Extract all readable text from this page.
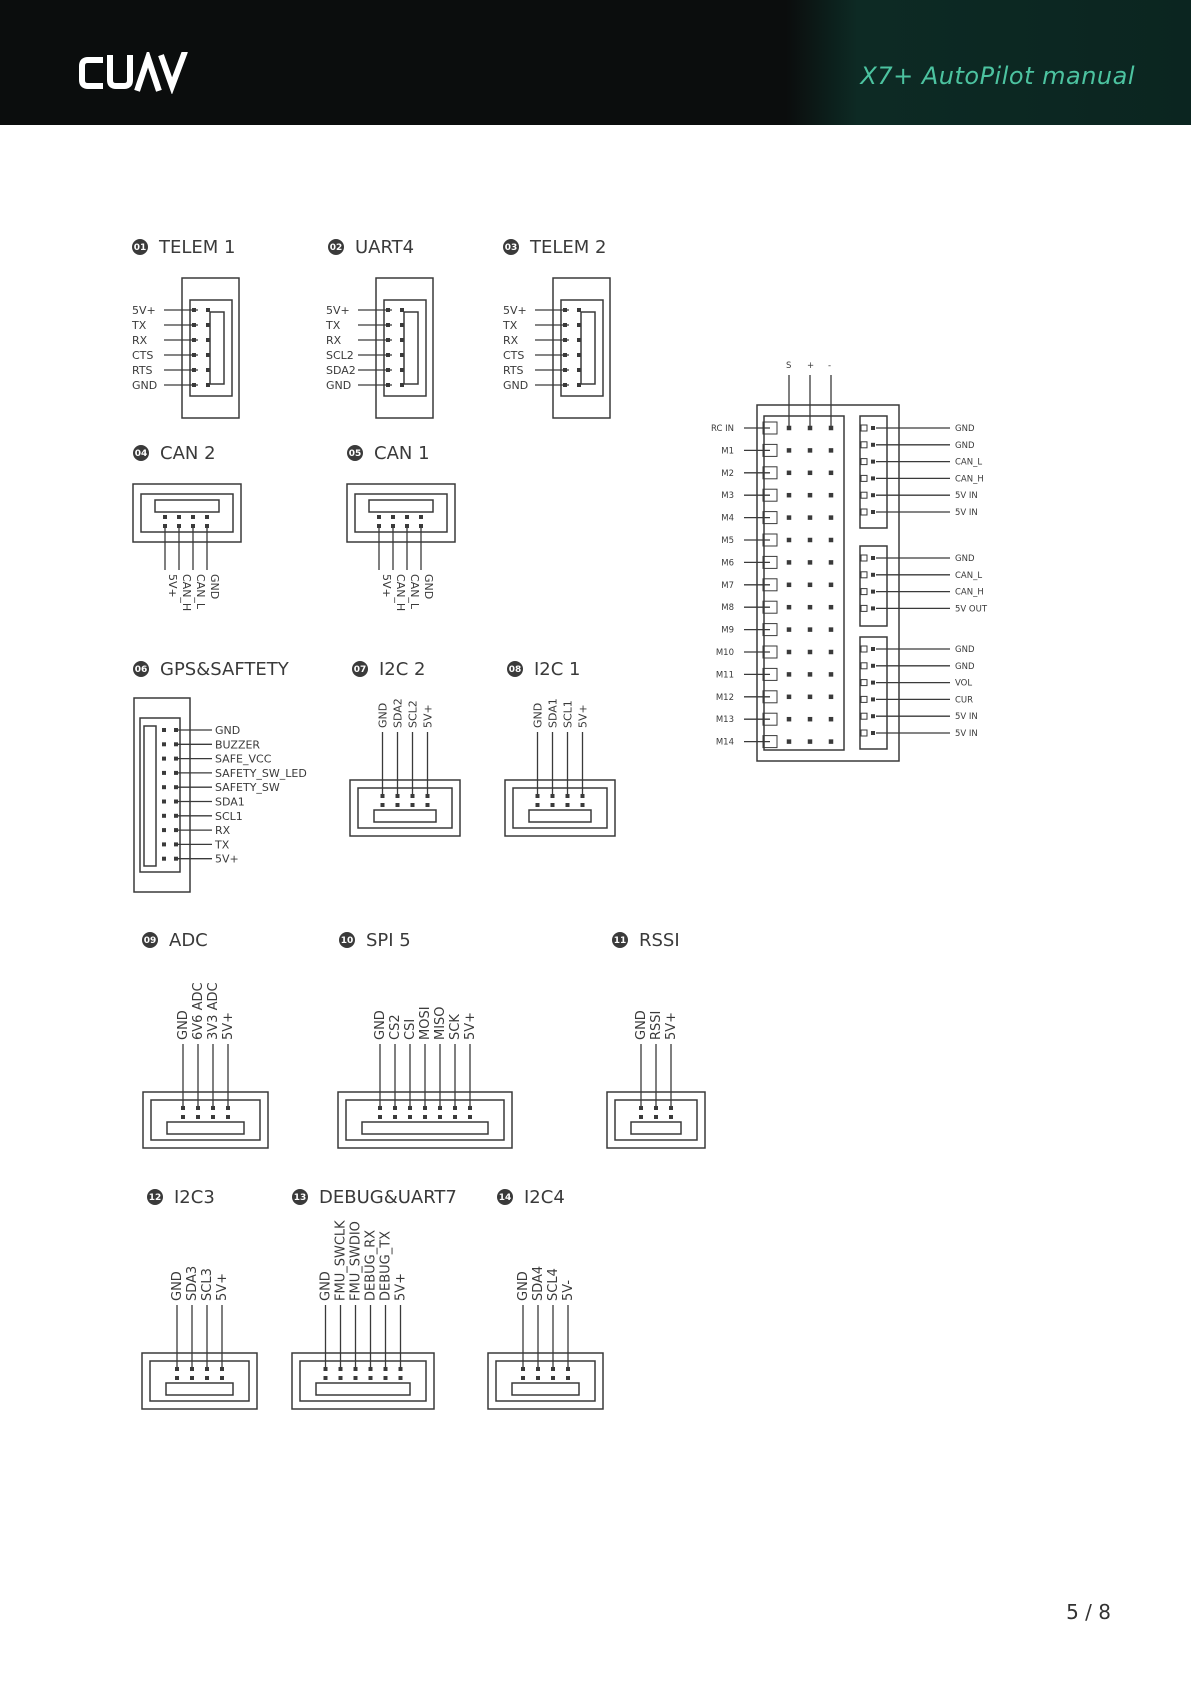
X7+ AutoPilot manual
01 TELEM 1
5V+
TX
RX
CTS
RTS
GND
02 UART4
5V+
TX
RX
SCL2
SDA2
GND
03 TELEM 2
5V+
TX
RX
CTS
RTS
GND
04 CAN 2
5V+ CAN_H CAN_L GND
05 CAN 1
5V+ CAN_H CAN_L GND
06 GPS&SAFTETY
GND
BUZZER
SAFE_VCC
SAFETY_SW_LED
SAFETY_SW
SDA1
SCL1
RX
TX
5V+
07 I2C 2
GND SDA2 SCL2 5V+
08 I2C 1
GND SDA1 SCL1 5V+
09 ADC
GND 6V6 ADC 3V3 ADC 5V+
10 SPI 5
GND CS2 CSI MOSI MISO SCK 5V+
11 RSSI
GND RSSI 5V+
12 I2C3
GND SDA3 SCL3 5V+
13 DEBUG&UART7
GND FMU_SWCLK FMU_SWDIO DEBUG_RX DEBUG_TX 5V+
14 I2C4
GND SDA4 SCL4 5V-
S + -
RC IN
M1
M2
M3
M4
M5
M6
M7
M8
M9
M10
M11
M12
M13
M14
GND
GND
CAN_L
CAN_H
5V IN
5V IN
GND
CAN_L
CAN_H
5V OUT
GND
GND
VOL
CUR
5V IN
5V IN
5 / 8
